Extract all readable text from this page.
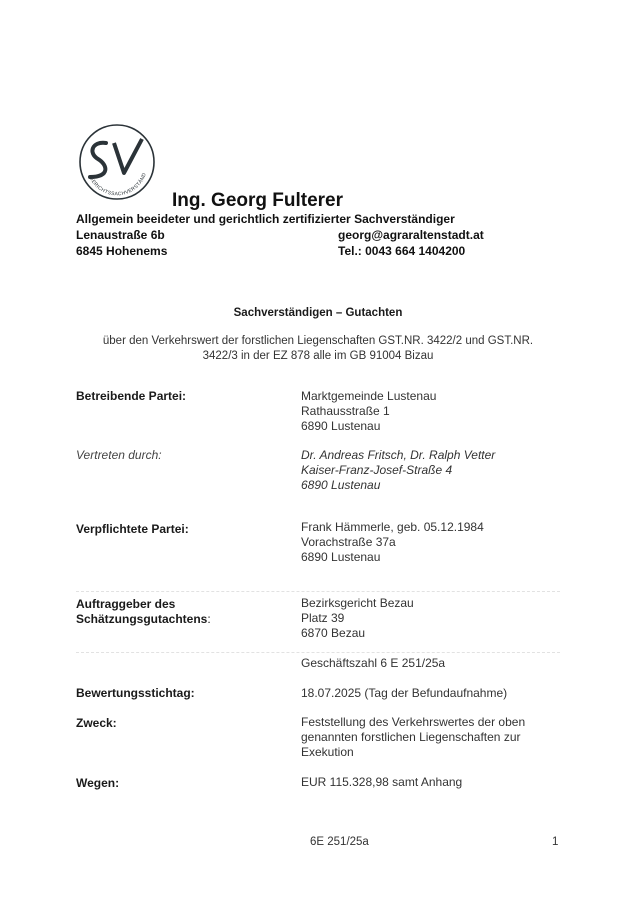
GERICHTSSACHVERSTÄND
Ing. Georg Fulterer
Allgemein beeideter und gerichtlich zertifizierter Sachverständiger
Lenaustraße 6b
6845 Hohenems
georg@agraraltenstadt.at
Tel.: 0043 664 1404200
Sachverständigen – Gutachten
über den Verkehrswert der forstlichen Liegenschaften GST.NR. 3422/2 und GST.NR.
3422/3 in der EZ 878 alle im GB 91004 Bizau
Betreibende Partei:	Marktgemeinde Lustenau
Rathausstraße 1
6890 Lustenau
Vertreten durch:	Dr. Andreas Fritsch, Dr. Ralph Vetter
Kaiser-Franz-Josef-Straße 4
6890 Lustenau
Verpflichtete Partei:	Frank Hämmerle, geb. 05.12.1984
Vorachstraße 37a
6890 Lustenau
Auftraggeber des
Schätzungsgutachtens:
Bezirksgericht Bezau
Platz 39
6870 Bezau
Geschäftszahl 6 E 251/25a
Bewertungsstichtag:	18.07.2025 (Tag der Befundaufnahme)
Zweck:	Feststellung des Verkehrswertes der oben
genannten forstlichen Liegenschaften zur
Exekution
Wegen:	EUR 115.328,98 samt Anhang
6E 251/25a	1
